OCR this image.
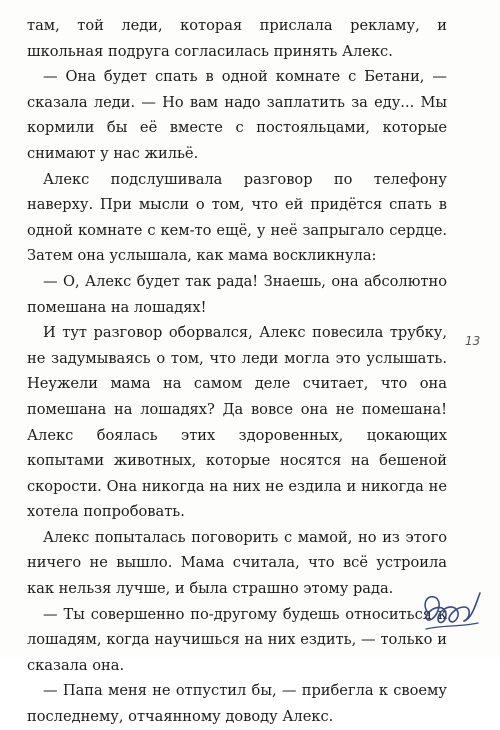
там, той леди, которая прислала рекламу, и школьная подруга согласилась принять Алекс.

— Она будет спать в одной комнате с Бетани, — сказала леди. — Но вам надо заплатить за еду... Мы кормили бы её вместе с постояльцами, которые снимают у нас жильё.

Алекс подслушивала разговор по телефону наверху. При мысли о том, что ей придётся спать в одной комнате с кем-то ещё, у неё запрыгало сердце. Затем она услышала, как мама воскликнула:

— О, Алекс будет так рада! Знаешь, она абсолютно помешана на лошадях!

И тут разговор оборвался, Алекс повесила трубку, не задумываясь о том, что леди могла это услышать. Неужели мама на самом деле считает, что она помешана на лошадях? Да вовсе она не помешана! Алекс боялась этих здоровенных, цокающих копытами животных, которые носятся на бешеной скорости. Она никогда на них не ездила и никогда не хотела попробовать.

Алекс попыталась поговорить с мамой, но из этого ничего не вышло. Мама считала, что всё устроила как нельзя лучше, и была страшно этому рада.

— Ты совершенно по-другому будешь относиться к лошадям, когда научишься на них ездить, — только и сказала она.

— Папа меня не отпустил бы, — прибегла к своему последнему, отчаянному доводу Алекс.

13
